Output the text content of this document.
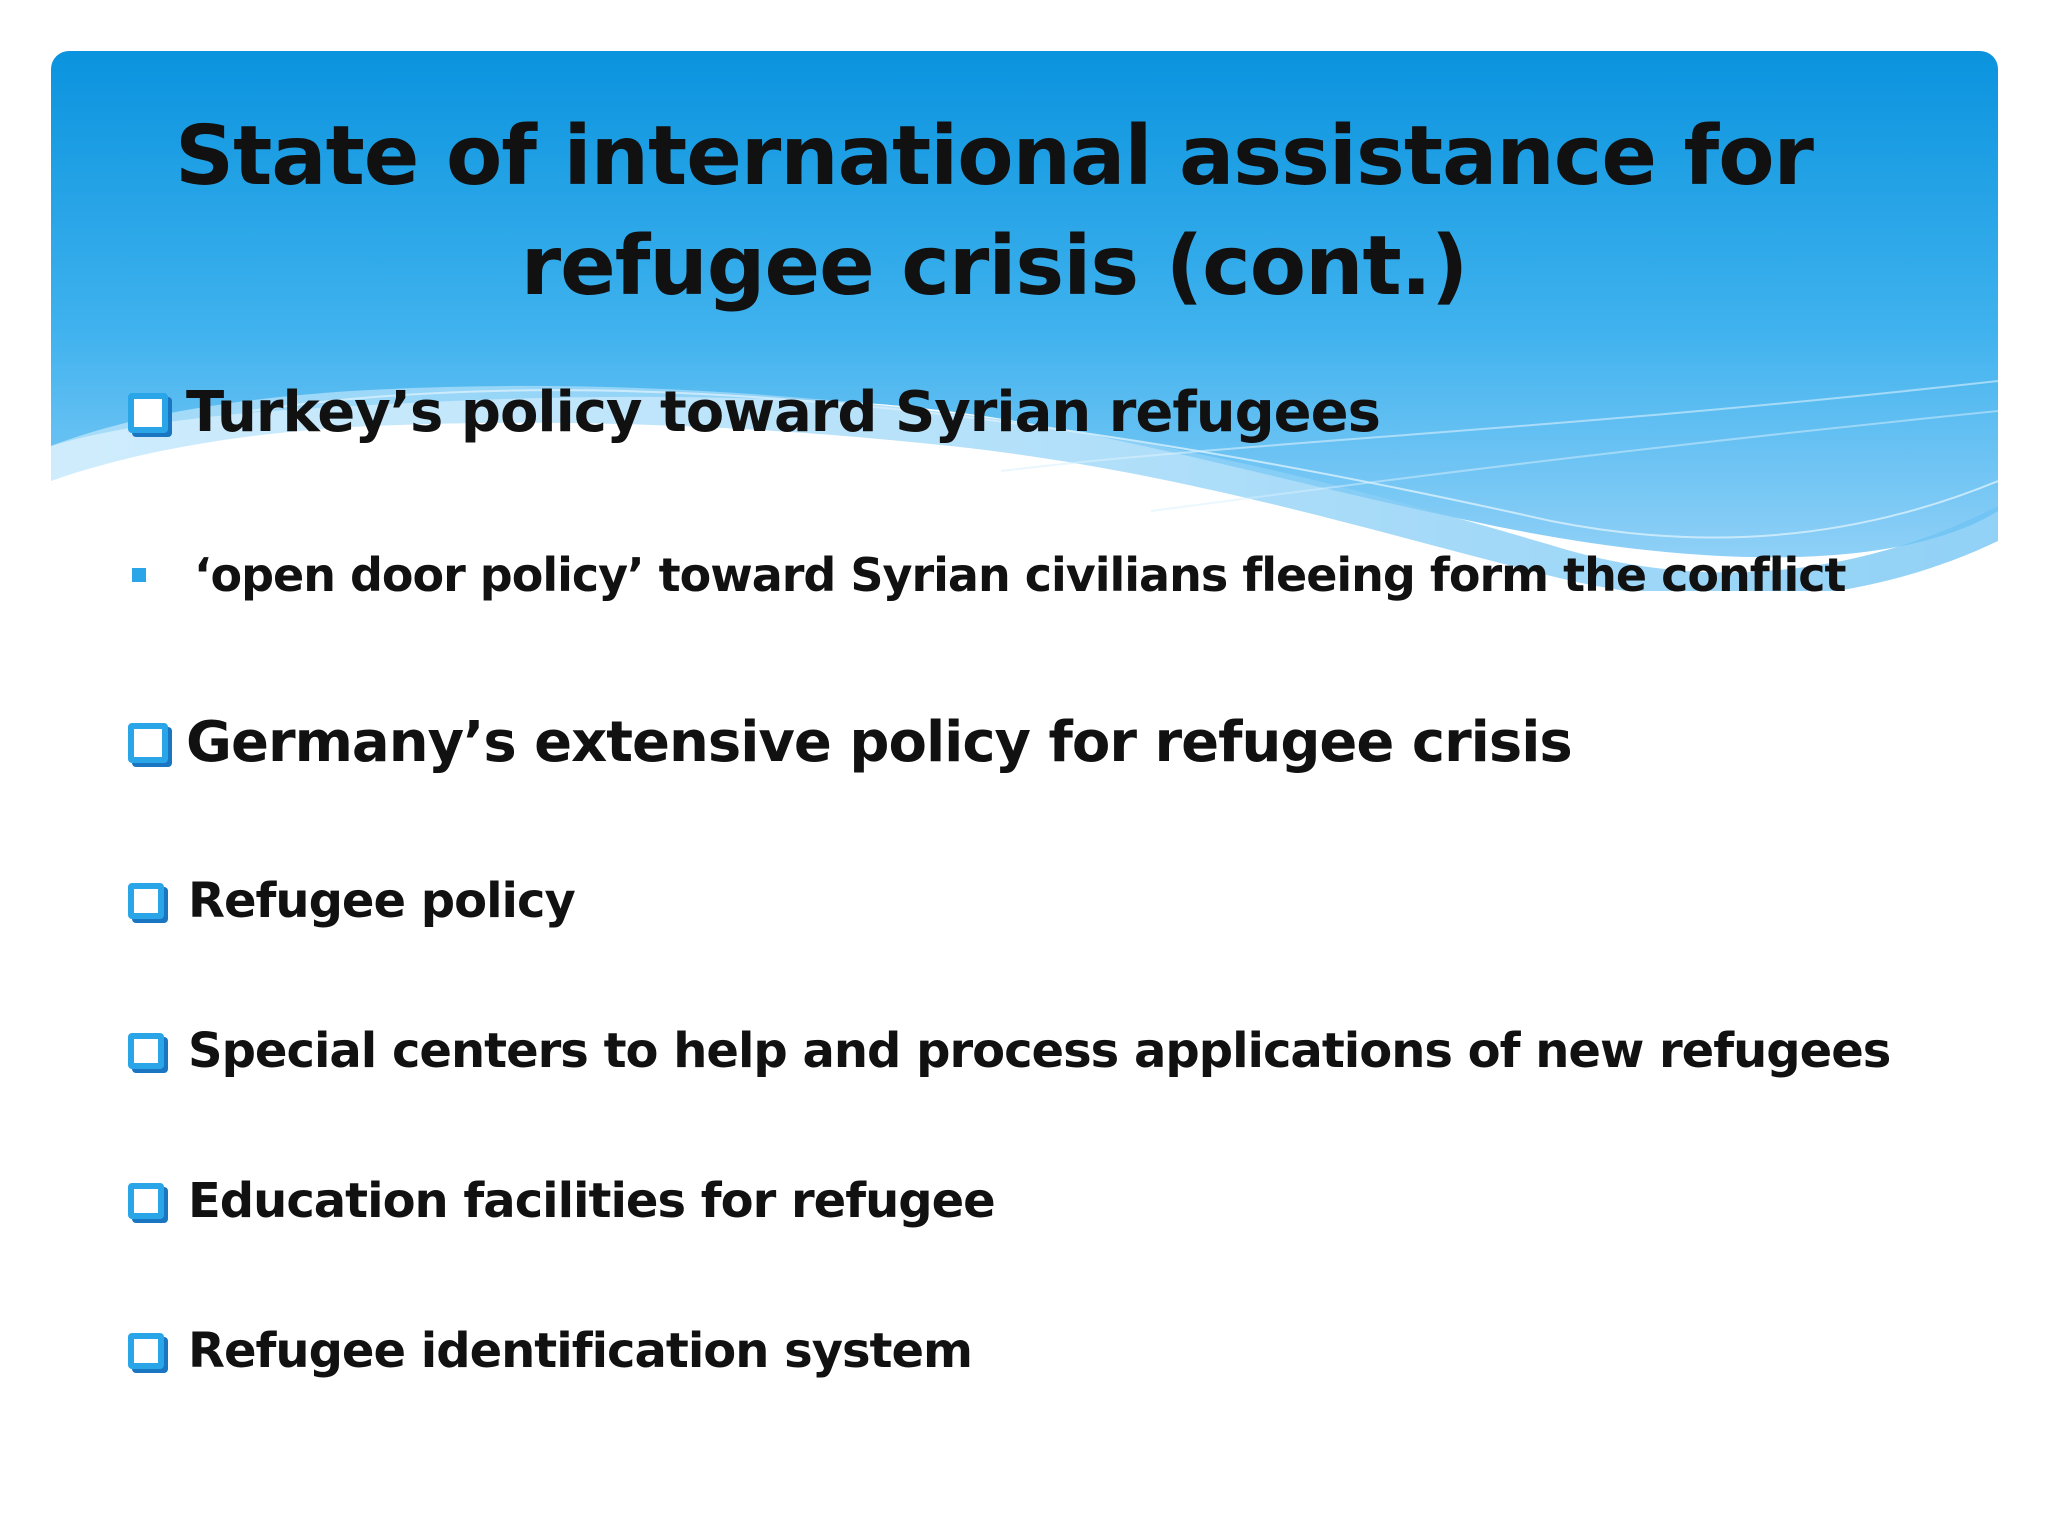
State of international assistance for refugee crisis (cont.)
Turkey’s policy toward Syrian refugees
‘open door policy’ toward Syrian civilians fleeing form the conflict
Germany’s extensive policy for refugee crisis
Refugee policy
Special centers to help and process applications of new refugees
Education facilities for refugee
Refugee identification system
